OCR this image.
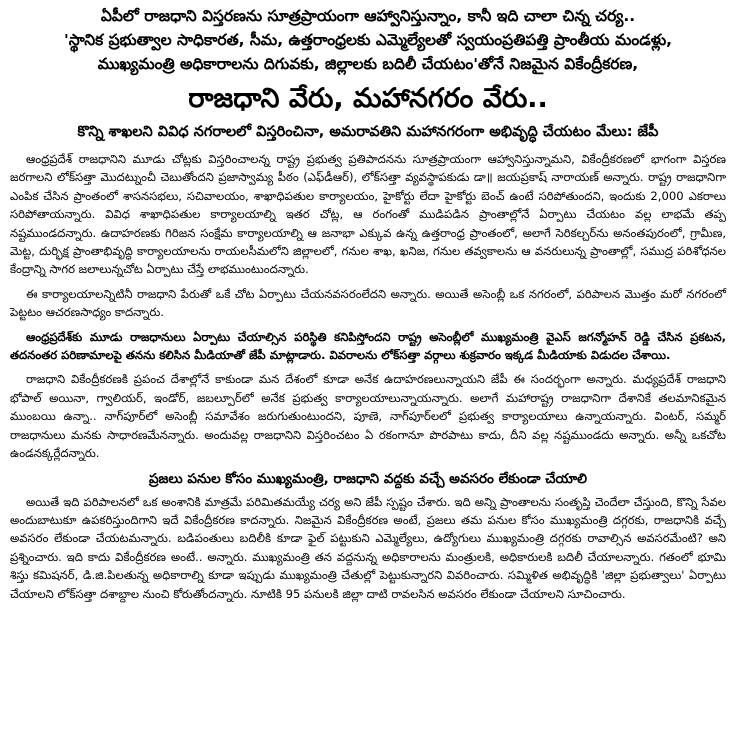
ఏపీలో రాజధాని విస్తరణను సూత్రప్రాయంగా ఆహ్వానిస్తున్నాం, కానీ ఇది చాలా చిన్న చర్య..

'స్థానిక ప్రభుత్వాల సాధికారత, సీమ, ఉత్తరాంధ్రలకు ఎమ్మెల్యేలతో స్వయంప్రతిపత్తి ప్రాంతీయ మండళ్లు,

ముఖ్యమంత్రి అధికారాలను దిగువకు, జిల్లాలకు బదిలీ చేయటం'తోనే నిజమైన వికేంద్రీకరణ,

రాజధాని వేరు, మహానగరం వేరు..
కొన్ని శాఖలని వివిధ నగరాలలో విస్తరించినా, అమరావతిని మహానగరంగా అభివృద్ధి చేయటం మేలు: జేపీ

ఆంధ్రప్రదేశ్ రాజధానిని మూడు చోట్లకు విస్తరించాలన్న రాష్ట్ర ప్రభుత్వ ప్రతిపాదనను సూత్రప్రాయంగా ఆహ్వానిస్తున్నామని, వికేంద్రీకరణలో భాగంగా విస్తరణ జరగాలని లోక్‌సత్తా మొదట్నుంచీ చెబుతోందని ప్రజాస్వామ్య పీఠం (ఎఫ్‌డీఆర్), లోక్‌సత్తా వ్యవస్థాపకుడు డా॥ జయప్రకాష్ నారాయణ్ అన్నారు. రాష్ట్ర రాజధానిగా ఎంపిక చేసిన ప్రాంతంలో శాసనసభలు, సచివాలయం, శాఖాధిపతుల కార్యాలయం, హైకోర్టు లేదా హైకోర్టు బెంచ్ ఉంటే సరిపోతుందని, ఇందుకు 2,000 ఎకరాలు సరిపోతాయన్నారు. వివిధ శాఖాధిపతుల కార్యాలయాల్ని ఇతర చోట్ల, ఆ రంగంతో ముడిపడిన ప్రాంతాల్లోనే ఏర్పాటు చేయటం వల్ల లాభమే తప్ప నష్టముండదన్నారు. ఉదాహరణకు గిరిజన సంక్షేమ కార్యాలయాల్ని ఆ జనాభా ఎక్కువ ఉన్న ఉత్తరాంధ్ర ప్రాంతంలో, అలాగే సెరికల్చర్‌ను అనంతపురంలో, గ్రామీణ, మెట్ట, దుర్భిక్ష ప్రాంతాభివృద్ధి కార్యాలయాలను రాయలసీమలోని జిల్లాలలో, గనుల శాఖ, ఖనిజ, గనుల తవ్వకాలను ఆ వనరులున్న ప్రాంతాల్లో, సముద్ర పరిశోధనల కేంద్రాన్ని సాగర జలాలున్నచోట ఏర్పాటు చేస్తే లాభముంటుందన్నారు.

ఈ కార్యాలయాలన్నిటినీ రాజధాని పేరుతో ఒకే చోట ఏర్పాటు చేయనవసరంలేదని అన్నారు. అయితే అసెంబ్లీ ఒక నగరంలో, పరిపాలన మొత్తం మరో నగరంలో పెట్టటం ఆచరణసాధ్యం కాదన్నారు.

ఆంధ్రప్రదేశ్‌కు మూడు రాజధానులు ఏర్పాటు చేయాల్సిన పరిస్థితి కనిపిస్తోందని రాష్ట్ర అసెంబ్లీలో ముఖ్యమంత్రి వైఎస్ జగన్మోహన్ రెడ్డి చేసిన ప్రకటన, తదనంతర పరిణామాలపై తనను కలిసిన మీడియాతో జేపీ మాట్లాడారు. వివరాలను లోక్‌సత్తా వర్గాలు శుక్రవారం ఇక్కడ మీడియాకు విడుదల చేశాయి.

రాజధాని వికేంద్రీకరణకి ప్రపంచ దేశాల్లోనే కాకుండా మన దేశంలో కూడా అనేక ఉదాహరణలున్నాయని జేపీ ఈ సందర్భంగా అన్నారు. మధ్యప్రదేశ్ రాజధాని భోపాల్ అయినా, గ్వాలియర్, ఇండోర్, జబల్పూర్‌లో అనేక ప్రభుత్వ కార్యాలయాలున్నాయన్నారు. అలాగే మహారాష్ట్ర రాజధానిగా దేశానికే తలమానికమైన ముంబయి ఉన్నా.. నాగ్‌పూర్‌లో అసెంబ్లీ సమావేశం జరుగుతుంటుందని, పూణె, నాగ్‌పూర్‌లలో ప్రభుత్వ కార్యాలయాలు ఉన్నాయన్నారు. వింటర్, సమ్మర్ రాజధానులు మనకు సాధారణమేనన్నారు. అందువల్ల రాజధానిని విస్తరించటం ఏ రకంగానూ పొరపాటు కాదు, దీని వల్ల నష్టముండదు అన్నారు. అన్నీ ఒకచోట ఉండనక్కర్లేదన్నారు.

ప్రజలు పనుల కోసం ముఖ్యమంత్రి, రాజధాని వద్దకు వచ్చే అవసరం లేకుండా చేయాలి

అయితే ఇది పరిపాలనలో ఒక అంశానికి మాత్రమే పరిమితమయ్యే చర్య అని జేపీ స్పష్టం చేశారు. ఇది అన్ని ప్రాంతాలను సంతృప్తి చెందేలా చేస్తుంది, కొన్ని సేవల అందుబాటుకూ ఉపకరిస్తుందిగాని ఇదే వికేంద్రీకరణ కాదన్నారు. నిజమైన వికేంద్రీకరణ అంటే, ప్రజలు తమ పనుల కోసం ముఖ్యమంత్రి దగ్గరకు, రాజధానికి వచ్చే అవసరం లేకుండా చేయటమన్నారు. బడిపంతులు బదిలీకి కూడా ఫైల్ పట్టుకుని ఎమ్మెల్యేలు, ఉద్యోగులు ముఖ్యమంత్రి దగ్గరకు రావాల్సిన అవసరమేంటి? అని ప్రశ్నించారు. ఇది కాదు వికేంద్రీకరణ అంటే.. అన్నారు. ముఖ్యమంత్రి తన వద్దనున్న అధికారాలను మంత్రులకి, అధికారులకి బదిలీ చేయాలన్నారు. గతంలో భూమి శిస్తు కమిషనర్, డి.జి.పిలతున్న అధికారాల్ని కూడా ఇప్పుడు ముఖ్యమంత్రి చేతుల్లో పెట్టుకున్నారని వివరించారు. సమ్మిళిత అభివృద్ధికి 'జిల్లా ప్రభుత్వాలు' ఏర్పాటు చేయాలని లోక్‌సత్తా దశాబ్దాల నుంచి కోరుతోందన్నారు. నూటికి 95 పనులకి జిల్లా దాటి రావలసిన అవసరం లేకుండా చేయాలని సూచించారు.
